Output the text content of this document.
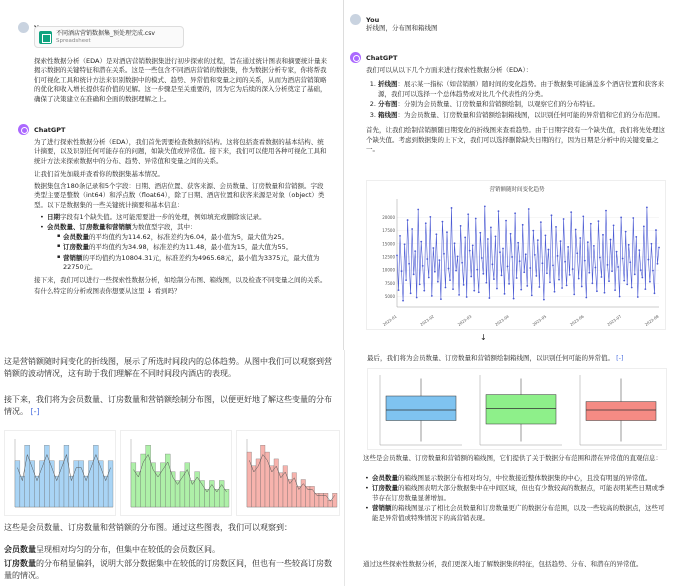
不同酒店营销数据集_预处理完成.csv
Spreadsheet

探索性数据分析（EDA）是对酒店营销数据集进行初步探索的过程，旨在通过统计图表和摘要统计量来揭示数据的关键特征和潜在关系。这是一些包含不同酒店营销的数据集，作为数据分析专家，你将帮我们可视化工具和统计方法来识别数据中的模式、趋势、异常值和变量之间的关系，从而为酒店营销策略的优化和收入增长提供有价值的见解。这一步骤是至关重要的，因为它为后续的深入分析奠定了基础，确保了决策建立在准确和全面的数据理解之上。

ChatGPT

为了进行探索性数据分析（EDA），我们首先需要检查数据的结构。这将包括查看数据的基本结构、统计摘要，以及识别任何可能存在的问题，如缺失值或异常值。接下来，我们可以使用各种可视化工具和统计方法来探索数据中的分布、趋势、异常值和变量之间的关系。

让我们首先加载并查看你的数据集基本情况。

数据集包含180条记录和5个字段：日期、酒店位置、获客来源、会员数量、订房数量和营销额。字段类型主要是整数（int64）和浮点数（float64），除了日期、酒店位置和获客来源是对象（object）类型。以下是数据集的一些关键统计摘要和基本信息：

• 日期字段有1个缺失值。这可能需要进一步的处理，例如填充或删除该记录。
• 会员数量、订房数量和营销额为数值型字段，其中：
▪ 会员数量的平均值约为114.62，标准差约为6.04，最小值为5，最大值为25。
▪ 订房数量的平均值约为34.98，标准差约为11.48，最小值为15，最大值为55。
▪ 营销额的平均值约为10804.31元，标准差约为4965.68元，最小值为3375元，最大值为22750元。

接下来，我们可以进行一些探索性数据分析，如绘制分布图、箱线图，以及检查不同变量之间的关系。有什么特定的分析或图表你想要从这里 ↓ 看到吗？

You
折线图，分布图和箱线图
ChatGPT

我们可以从以下几个方面来进行探索性数据分析（EDA）：

1. 折线图：展示某一指标（如营销额）随时间的变化趋势。由于数据集可能涵盖多个酒店位置和获客来源，我们可以选择一个总体趋势或对比几个代表性的分类。
2. 分布图：分别为会员数量、订房数量和营销额绘制，以观察它们的分布特征。
3. 箱线图：为会员数量、订房数量和营销额绘制箱线图，以识别任何可能的异常值和它们的分布范围。

首先，让我们绘制营销额随日期变化的折线图来查看趋势。由于日期字段有一个缺失值，我们将先处理这个缺失值。考虑到数据集的上下文，我们可以选择删除缺失日期的行，因为日期是分析中的关键变量之一。

营销额随时间变化趋势
20000
17500
15000
12500
10000
7500
5000
2023-01	2023-02	2023-03	2023-04	2023-05	2023-06	2023-07	2023-08
↓
这是营销额随时间变化的折线图，展示了所选时间段内的总体趋势。从图中我们可以观察到营销额的波动情况，这有助于我们理解在不同时间段内酒店的表现。
接下来，我们将为会员数量、订房数量和营销额绘制分布图，以便更好地了解这些变量的分布情况。 [-]
这些是会员数量、订房数量和营销额的分布图。通过这些图表，我们可以观察到：
会员数量呈现相对均匀的分布，但集中在较低的会员数区间。
订房数量的分布稍显偏斜，说明大部分数据集中在较低的订房数区间，但也有一些较高订房数量的情况。
最后，我们将为会员数量、订房数量和营销额绘制箱线图，以识别任何可能的异常值。 [-]
这些是会员数量、订房数量和营销额的箱线图，它们提供了关于数据分布范围和潜在异常值的直观信息：
• 会员数量的箱线图显示数据分布相对均匀，中位数接近整体数据集的中心，且没有明显的异常值。
• 订房数量的箱线图表明大部分数据集中在中间区域，但也有少数较高的数据点，可能表明某些日期或季节存在订房数量显著增加。
• 营销额的箱线图显示了相比会员数量和订房数量更广的数据分布范围，以及一些较高的数据点，这些可能是异常值或特殊情况下的高营销表现。
通过这些探索性数据分析，我们更深入地了解数据集的特征，包括趋势、分布、和潜在的异常值。
